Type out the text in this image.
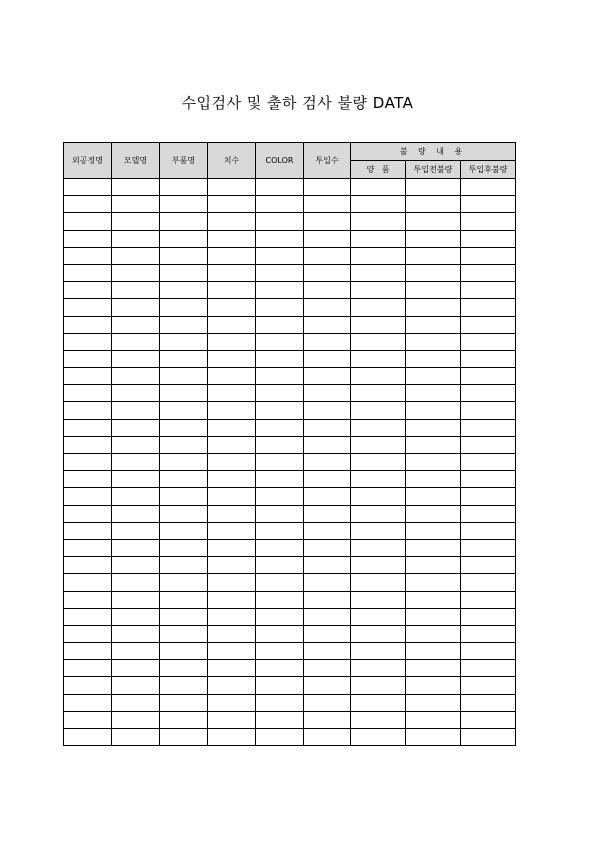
수입검사 및 출하 검사 불량 DATA
외공정명	모델명	부품명	치수	COLOR	투입수	불 량 내 용		
						양   품	투입전불량	투입후불량
